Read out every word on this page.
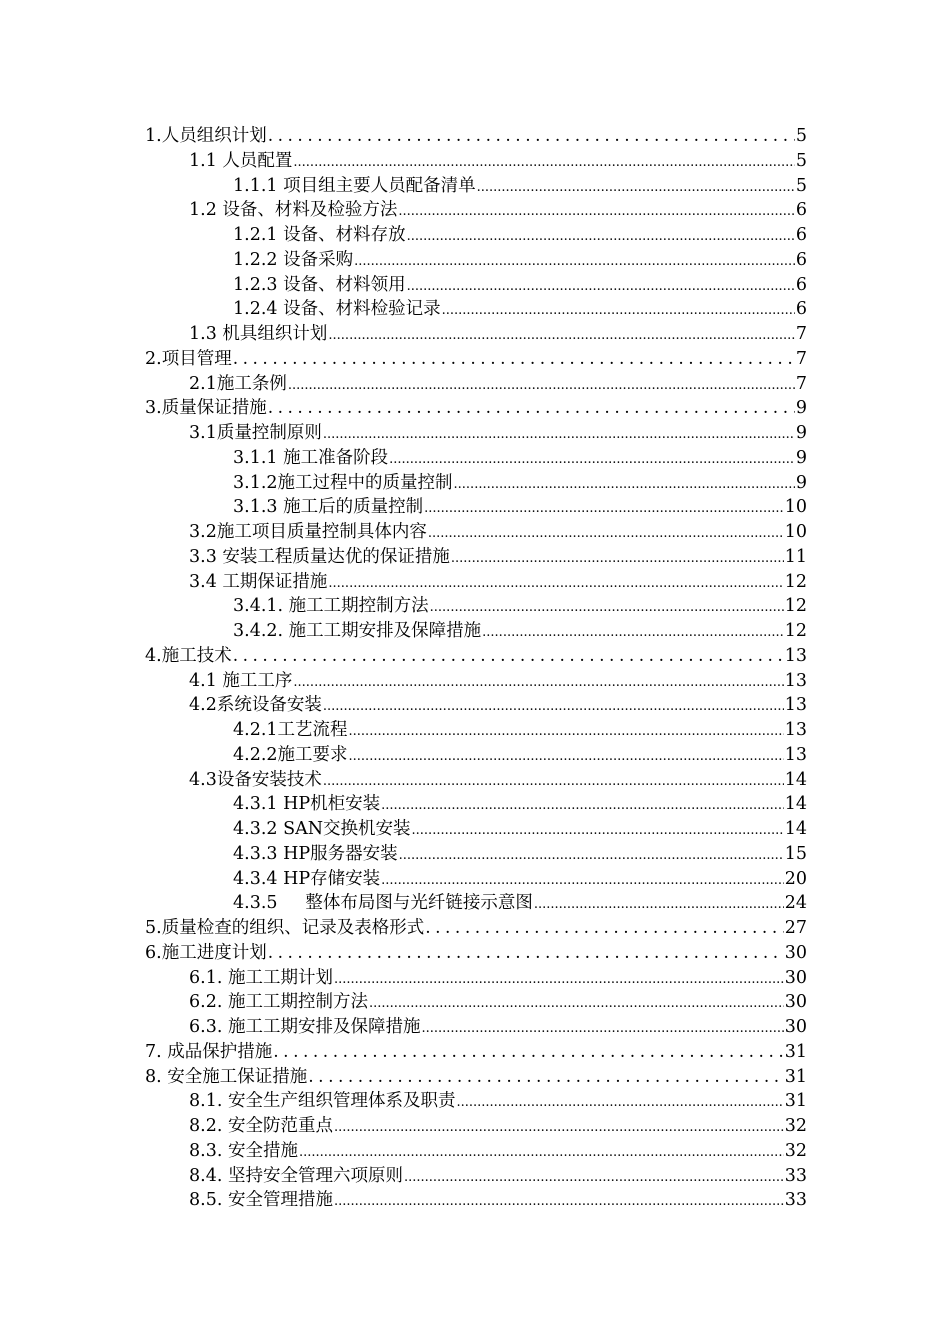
1.人员组织计划 .....	5
1.1 人员配置 .....	5
1.1.1 项目组主要人员配备清单 .....	5
1.2 设备、材料及检验方法 .....	6
1.2.1 设备、材料存放 .....	6
1.2.2 设备采购 .....	6
1.2.3 设备、材料领用 .....	6
1.2.4 设备、材料检验记录 .....	6
1.3 机具组织计划 .....	7
2.项目管理 .....	7
2.1施工条例 .....	7
3.质量保证措施 .....	9
3.1质量控制原则 .....	9
3.1.1 施工准备阶段 .....	9
3.1.2施工过程中的质量控制 .....	9
3.1.3 施工后的质量控制 .....	10
3.2施工项目质量控制具体内容 .....	10
3.3 安装工程质量达优的保证措施 .....	11
3.4 工期保证措施 .....	12
3.4.1. 施工工期控制方法 .....	12
3.4.2. 施工工期安排及保障措施 .....	12
4.施工技术 .....	13
4.1 施工工序 .....	13
4.2系统设备安装 .....	13
4.2.1工艺流程 .....	13
4.2.2施工要求 .....	13
4.3设备安装技术 .....	14
4.3.1 HP机柜安装 .....	14
4.3.2 SAN交换机安装 .....	14
4.3.3 HP服务器安装 .....	15
4.3.4 HP存储安装 .....	20
4.3.5     整体布局图与光纤链接示意图 .....	24
5.质量检查的组织、记录及表格形式 .....	27
6.施工进度计划 .....	30
6.1. 施工工期计划 .....	30
6.2. 施工工期控制方法 .....	30
6.3. 施工工期安排及保障措施 .....	30
7. 成品保护措施 .....	31
8. 安全施工保证措施 .....	31
8.1. 安全生产组织管理体系及职责 .....	31
8.2. 安全防范重点 .....	32
8.3. 安全措施 .....	32
8.4. 坚持安全管理六项原则 .....	33
8.5. 安全管理措施 .....	33
